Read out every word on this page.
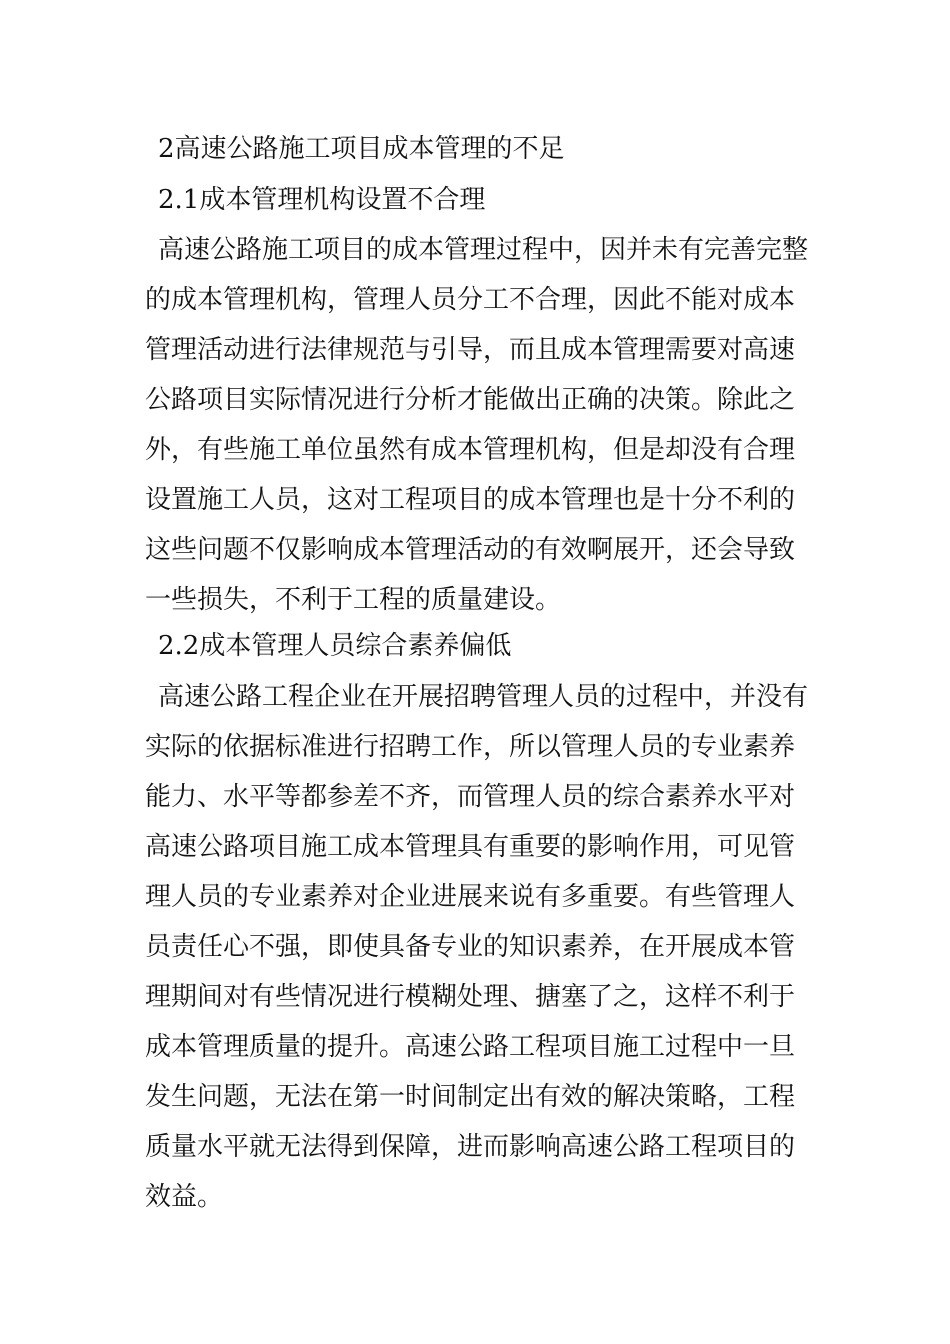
2高速公路施工项目成本管理的不足
2.1成本管理机构设置不合理
高速公路施工项目的成本管理过程中，因并未有完善完整
的成本管理机构，管理人员分工不合理，因此不能对成本
管理活动进行法律规范与引导，而且成本管理需要对高速
公路项目实际情况进行分析才能做出正确的决策。除此之
外，有些施工单位虽然有成本管理机构，但是却没有合理
设置施工人员，这对工程项目的成本管理也是十分不利的
这些问题不仅影响成本管理活动的有效啊展开，还会导致
一些损失，不利于工程的质量建设。
2.2成本管理人员综合素养偏低
高速公路工程企业在开展招聘管理人员的过程中，并没有
实际的依据标准进行招聘工作，所以管理人员的专业素养
能力、水平等都参差不齐，而管理人员的综合素养水平对
高速公路项目施工成本管理具有重要的影响作用，可见管
理人员的专业素养对企业进展来说有多重要。有些管理人
员责任心不强，即使具备专业的知识素养，在开展成本管
理期间对有些情况进行模糊处理、搪塞了之，这样不利于
成本管理质量的提升。高速公路工程项目施工过程中一旦
发生问题，无法在第一时间制定出有效的解决策略，工程
质量水平就无法得到保障，进而影响高速公路工程项目的
效益。
